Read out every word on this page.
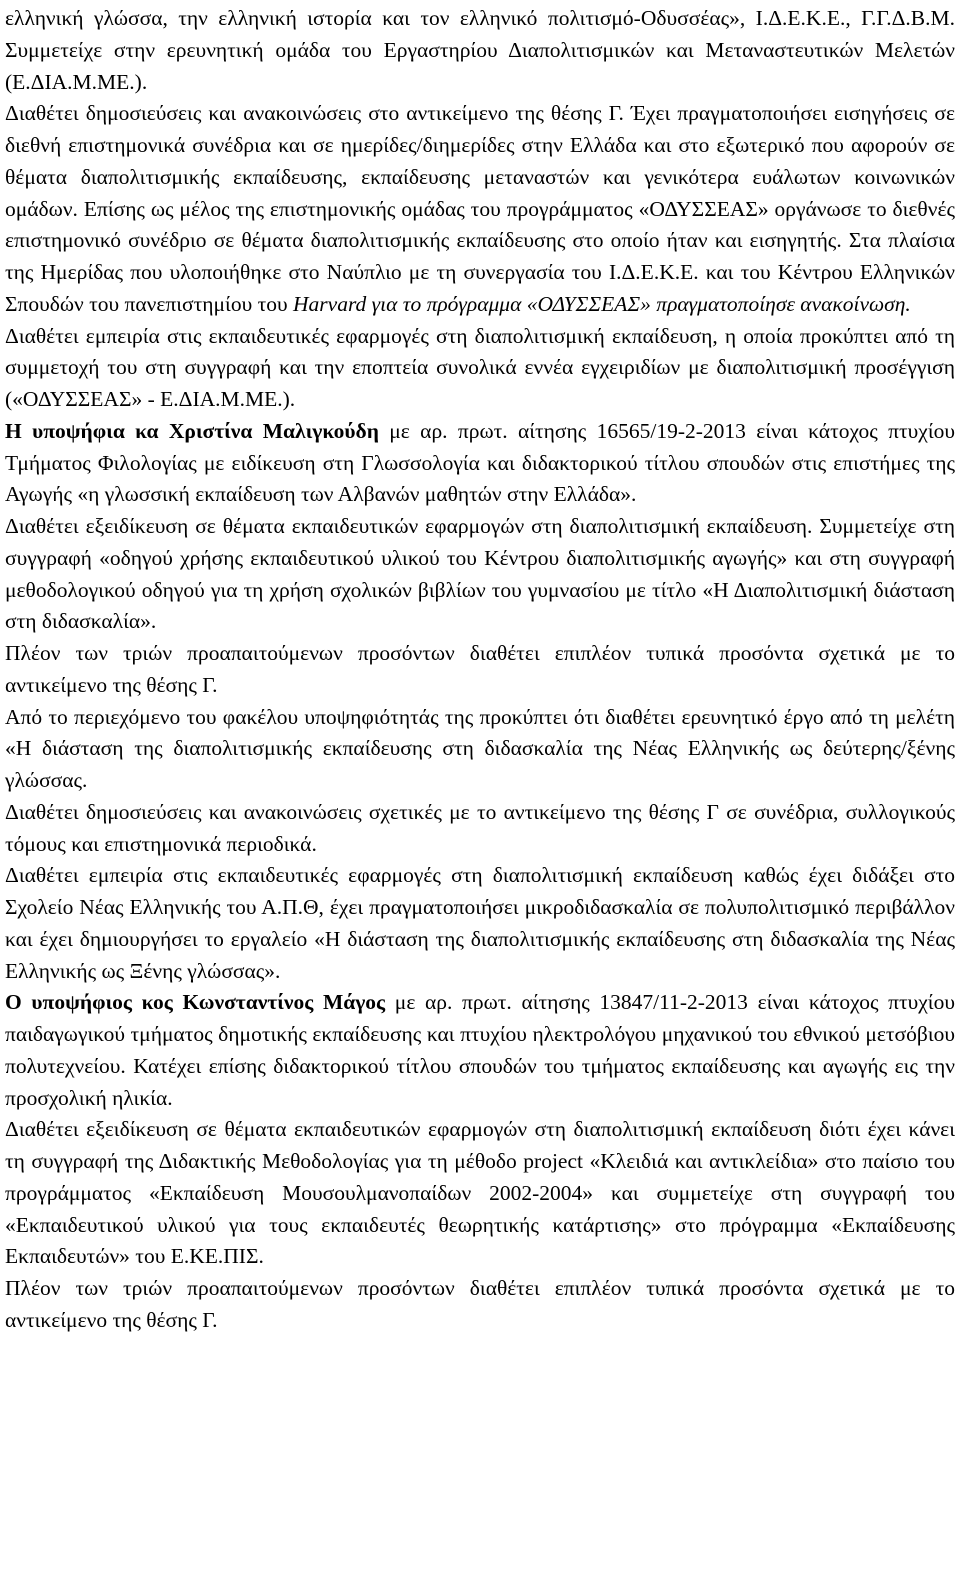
ελληνική γλώσσα, την ελληνική ιστορία και τον ελληνικό πολιτισμό-Οδυσσέας», Ι.Δ.Ε.Κ.Ε., Γ.Γ.Δ.Β.Μ. Συμμετείχε στην ερευνητική ομάδα του Εργαστηρίου Διαπολιτισμικών και Μεταναστευτικών Μελετών (Ε.ΔΙΑ.Μ.ΜΕ.).

Διαθέτει δημοσιεύσεις και ανακοινώσεις στο αντικείμενο της θέσης Γ. Έχει πραγματοποιήσει εισηγήσεις σε διεθνή επιστημονικά συνέδρια και σε ημερίδες/διημερίδες στην Ελλάδα και στο εξωτερικό που αφορούν σε θέματα διαπολιτισμικής εκπαίδευσης, εκπαίδευσης μεταναστών και γενικότερα ευάλωτων κοινωνικών ομάδων. Επίσης ως μέλος της επιστημονικής ομάδας του προγράμματος «ΟΔΥΣΣΕΑΣ» οργάνωσε το διεθνές επιστημονικό συνέδριο σε θέματα διαπολιτισμικής εκπαίδευσης στο οποίο ήταν και εισηγητής. Στα πλαίσια της Ημερίδας που υλοποιήθηκε στο Ναύπλιο με τη συνεργασία του Ι.Δ.Ε.Κ.Ε. και του Κέντρου Ελληνικών Σπουδών του πανεπιστημίου του Harvard για το πρόγραμμα «ΟΔΥΣΣΕΑΣ» πραγματοποίησε ανακοίνωση.

Διαθέτει εμπειρία στις εκπαιδευτικές εφαρμογές στη διαπολιτισμική εκπαίδευση, η οποία προκύπτει από τη συμμετοχή του στη συγγραφή και την εποπτεία συνολικά εννέα εγχειριδίων με διαπολιτισμική προσέγγιση («ΟΔΥΣΣΕΑΣ» - Ε.ΔΙΑ.Μ.ΜΕ.).

Η υποψήφια κα Χριστίνα Μαλιγκούδη με αρ. πρωτ. αίτησης 16565/19-2-2013 είναι κάτοχος πτυχίου Τμήματος Φιλολογίας με ειδίκευση στη Γλωσσολογία και διδακτορικού τίτλου σπουδών στις επιστήμες της Αγωγής «η γλωσσική εκπαίδευση των Αλβανών μαθητών στην Ελλάδα».

Διαθέτει εξειδίκευση σε θέματα εκπαιδευτικών εφαρμογών στη διαπολιτισμική εκπαίδευση. Συμμετείχε στη συγγραφή «οδηγού χρήσης εκπαιδευτικού υλικού του Κέντρου διαπολιτισμικής αγωγής» και στη συγγραφή μεθοδολογικού οδηγού για τη χρήση σχολικών βιβλίων του γυμνασίου με τίτλο «Η Διαπολιτισμική διάσταση στη διδασκαλία».

Πλέον των τριών προαπαιτούμενων προσόντων διαθέτει επιπλέον τυπικά προσόντα σχετικά με το αντικείμενο της θέσης Γ.

Από το περιεχόμενο του φακέλου υποψηφιότητάς της προκύπτει ότι διαθέτει ερευνητικό έργο από τη μελέτη «Η διάσταση της διαπολιτισμικής εκπαίδευσης στη διδασκαλία της Νέας Ελληνικής ως δεύτερης/ξένης γλώσσας.

Διαθέτει δημοσιεύσεις και ανακοινώσεις σχετικές με το αντικείμενο της θέσης Γ σε συνέδρια, συλλογικούς τόμους και επιστημονικά περιοδικά.

Διαθέτει εμπειρία στις εκπαιδευτικές εφαρμογές στη διαπολιτισμική εκπαίδευση καθώς έχει διδάξει στο Σχολείο Νέας Ελληνικής του Α.Π.Θ, έχει πραγματοποιήσει μικροδιδασκαλία σε πολυπολιτισμικό περιβάλλον και έχει δημιουργήσει το εργαλείο «Η διάσταση της διαπολιτισμικής εκπαίδευσης στη διδασκαλία της Νέας Ελληνικής ως Ξένης γλώσσας».

Ο υποψήφιος κος Κωνσταντίνος Μάγος με αρ. πρωτ. αίτησης 13847/11-2-2013 είναι κάτοχος πτυχίου παιδαγωγικού τμήματος δημοτικής εκπαίδευσης και πτυχίου ηλεκτρολόγου μηχανικού του εθνικού μετσόβιου πολυτεχνείου. Κατέχει επίσης διδακτορικού τίτλου σπουδών του τμήματος εκπαίδευσης και αγωγής εις την προσχολική ηλικία.

Διαθέτει εξειδίκευση σε θέματα εκπαιδευτικών εφαρμογών στη διαπολιτισμική εκπαίδευση διότι έχει κάνει τη συγγραφή της Διδακτικής Μεθοδολογίας για τη μέθοδο project «Κλειδιά και αντικλείδια» στο παίσιο του προγράμματος «Εκπαίδευση Μουσουλμανοπαίδων 2002-2004» και συμμετείχε στη συγγραφή του «Εκπαιδευτικού υλικού για τους εκπαιδευτές θεωρητικής κατάρτισης» στο πρόγραμμα «Εκπαίδευσης Εκπαιδευτών» του Ε.ΚΕ.ΠΙΣ.

Πλέον των τριών προαπαιτούμενων προσόντων διαθέτει επιπλέον τυπικά προσόντα σχετικά με το αντικείμενο της θέσης Γ.
